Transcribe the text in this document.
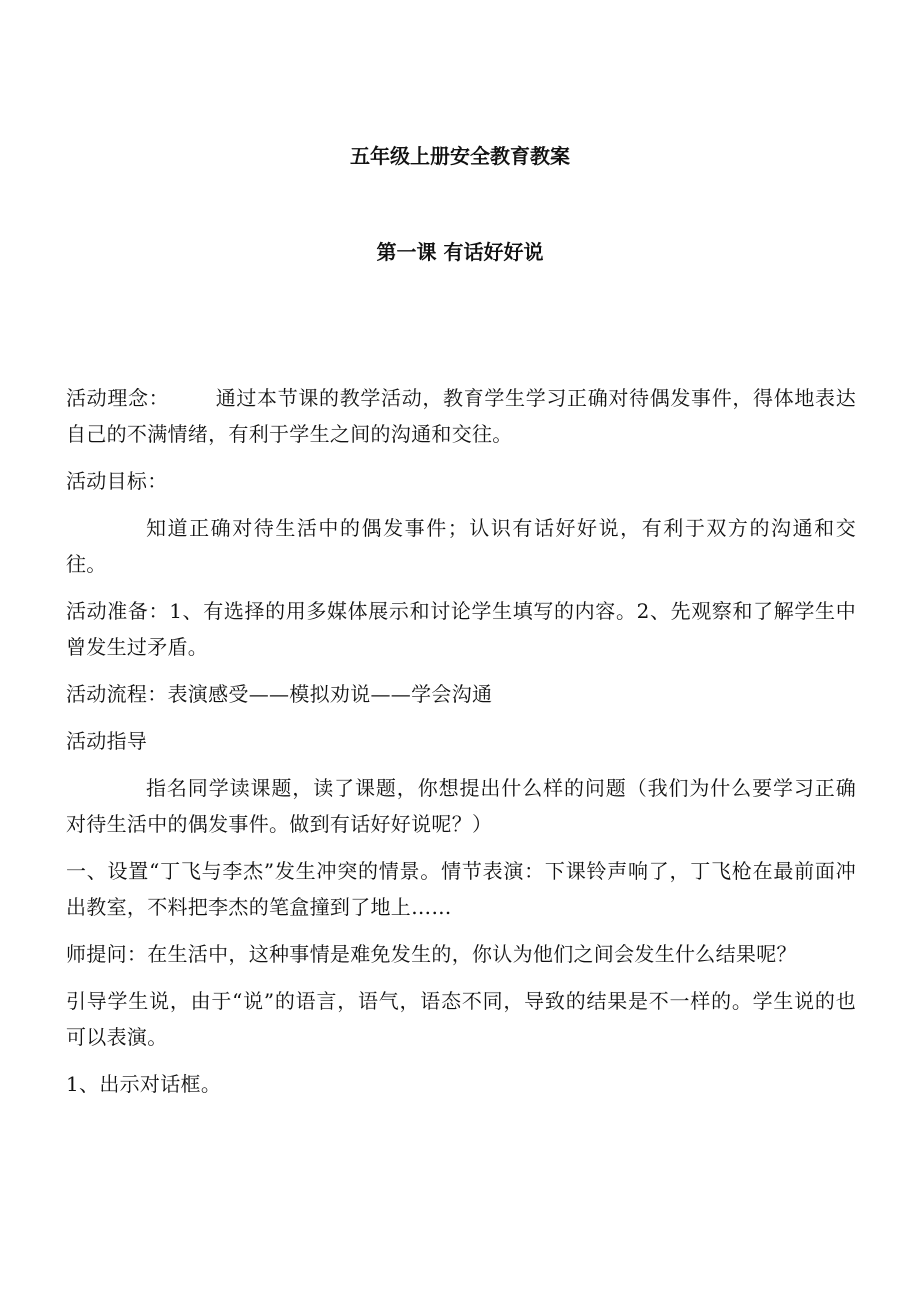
五年级上册安全教育教案
第一课 有话好好说

活动理念： 通过本节课的教学活动，教育学生学习正确对待偶发事件，得体地表达自己的不满情绪，有利于学生之间的沟通和交往。

活动目标：

知道正确对待生活中的偶发事件；认识有话好好说，有利于双方的沟通和交往。

活动准备：1、有选择的用多媒体展示和讨论学生填写的内容。2、先观察和了解学生中曾发生过矛盾。

活动流程：表演感受——模拟劝说——学会沟通

活动指导

指名同学读课题，读了课题，你想提出什么样的问题（我们为什么要学习正确对待生活中的偶发事件。做到有话好好说呢？）

一、设置“丁飞与李杰”发生冲突的情景。情节表演：下课铃声响了，丁飞枪在最前面冲出教室，不料把李杰的笔盒撞到了地上……

师提问：在生活中，这种事情是难免发生的，你认为他们之间会发生什么结果呢？

引导学生说，由于“说”的语言，语气，语态不同，导致的结果是不一样的。学生说的也可以表演。

1、出示对话框。
